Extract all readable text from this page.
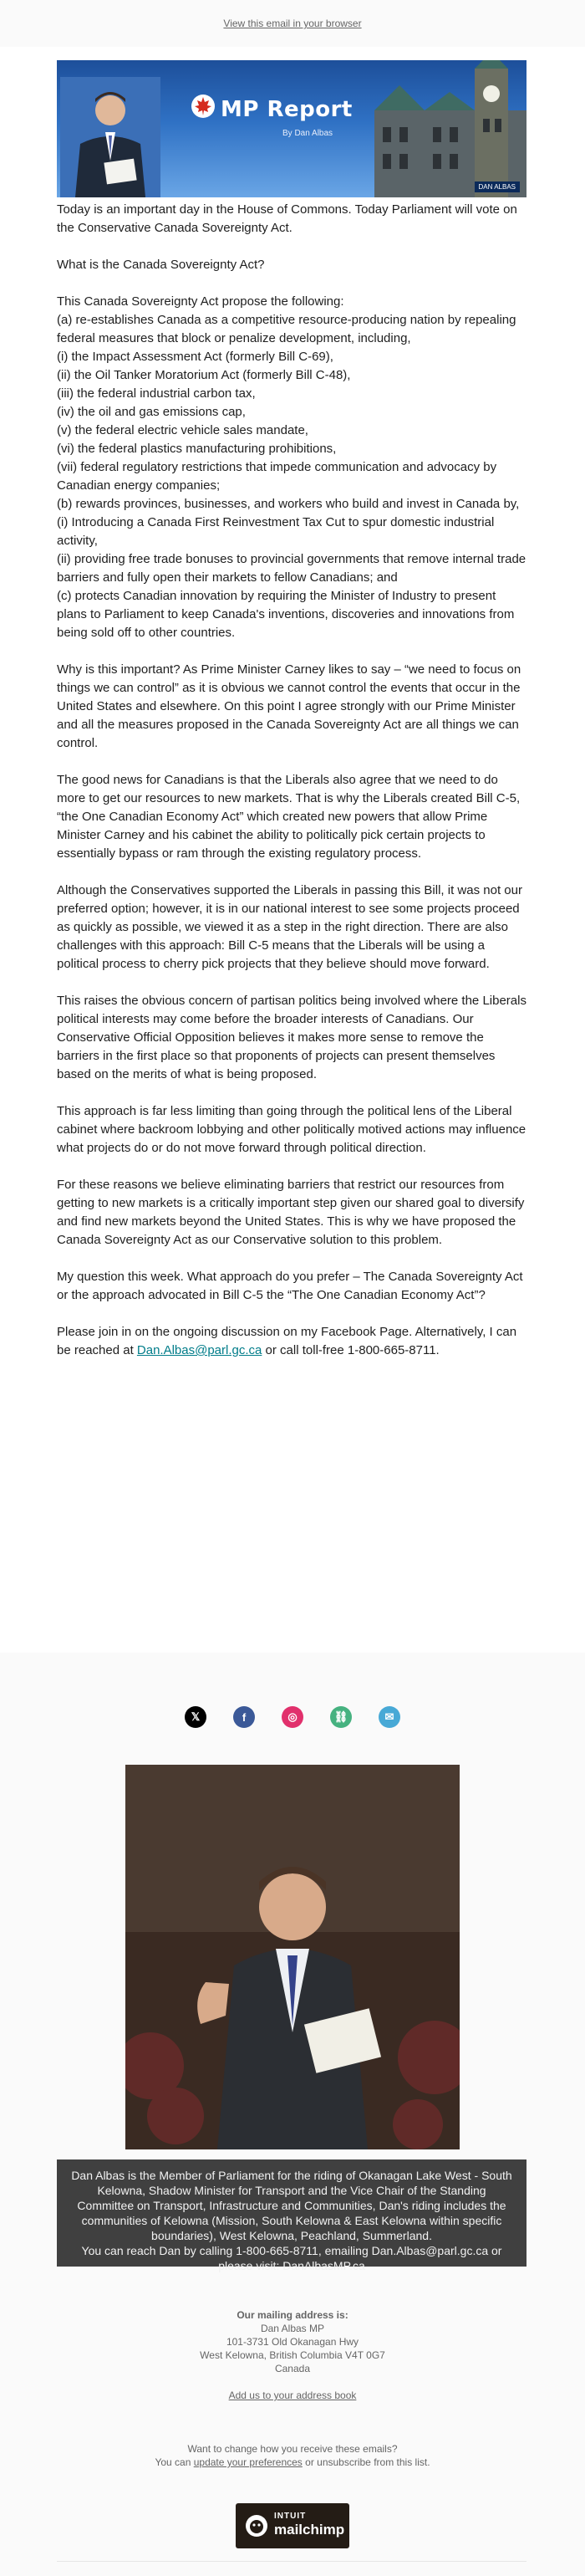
View this email in your browser
MP Report
By Dan Albas
DAN ALBAS

Today is an important day in the House of Commons. Today Parliament will vote on the Conservative Canada Sovereignty Act.

What is the Canada Sovereignty Act?

This Canada Sovereignty Act propose the following:
(a) re-establishes Canada as a competitive resource-producing nation by repealing federal measures that block or penalize development, including,
(i) the Impact Assessment Act (formerly Bill C-69),
(ii) the Oil Tanker Moratorium Act (formerly Bill C-48),
(iii) the federal industrial carbon tax,
(iv) the oil and gas emissions cap,
(v) the federal electric vehicle sales mandate,
(vi) the federal plastics manufacturing prohibitions,
(vii) federal regulatory restrictions that impede communication and advocacy by Canadian energy companies;
(b) rewards provinces, businesses, and workers who build and invest in Canada by,
(i) Introducing a Canada First Reinvestment Tax Cut to spur domestic industrial activity,
(ii) providing free trade bonuses to provincial governments that remove internal trade barriers and fully open their markets to fellow Canadians; and
(c) protects Canadian innovation by requiring the Minister of Industry to present plans to Parliament to keep Canada's inventions, discoveries and innovations from being sold off to other countries.

Why is this important? As Prime Minister Carney likes to say – “we need to focus on things we can control” as it is obvious we cannot control the events that occur in the United States and elsewhere. On this point I agree strongly with our Prime Minister and all the measures proposed in the Canada Sovereignty Act are all things we can control.

The good news for Canadians is that the Liberals also agree that we need to do more to get our resources to new markets. That is why the Liberals created Bill C-5, “the One Canadian Economy Act” which created new powers that allow Prime Minister Carney and his cabinet the ability to politically pick certain projects to essentially bypass or ram through the existing regulatory process.

Although the Conservatives supported the Liberals in passing this Bill, it was not our preferred option; however, it is in our national interest to see some projects proceed as quickly as possible, we viewed it as a step in the right direction. There are also challenges with this approach: Bill C-5 means that the Liberals will be using a political process to cherry pick projects that they believe should move forward.

This raises the obvious concern of partisan politics being involved where the Liberals political interests may come before the broader interests of Canadians. Our Conservative Official Opposition believes it makes more sense to remove the barriers in the first place so that proponents of projects can present themselves based on the merits of what is being proposed.

This approach is far less limiting than going through the political lens of the Liberal cabinet where backroom lobbying and other politically motived actions may influence what projects do or do not move forward through political direction.

For these reasons we believe eliminating barriers that restrict our resources from getting to new markets is a critically important step given our shared goal to diversify and find new markets beyond the United States. This is why we have proposed the Canada Sovereignty Act as our Conservative solution to this problem.

My question this week. What approach do you prefer – The Canada Sovereignty Act or the approach advocated in Bill C-5 the “The One Canadian Economy Act”?

Please join in on the ongoing discussion on my Facebook Page. Alternatively, I can be reached at Dan.Albas@parl.gc.ca or call toll-free 1-800-665-8711.

𝕏	f	◎	⛓	✉
Dan Albas is the Member of Parliament for the riding of Okanagan Lake West - South Kelowna, Shadow Minister for Transport and the Vice Chair of the Standing Committee on Transport, Infrastructure and Communities, Dan's riding includes the communities of Kelowna (Mission, South Kelowna & East Kelowna within specific boundaries), West Kelowna, Peachland, Summerland.
You can reach Dan by calling 1-800-665-8711, emailing Dan.Albas@parl.gc.ca or please visit: DanAlbasMP.ca
Our mailing address is:
Dan Albas MP
101-3731 Old Okanagan Hwy
West Kelowna, British Columbia V4T 0G7
Canada
Add us to your address book
Want to change how you receive these emails?
You can update your preferences or unsubscribe from this list.
INTUIT
mailchimp
